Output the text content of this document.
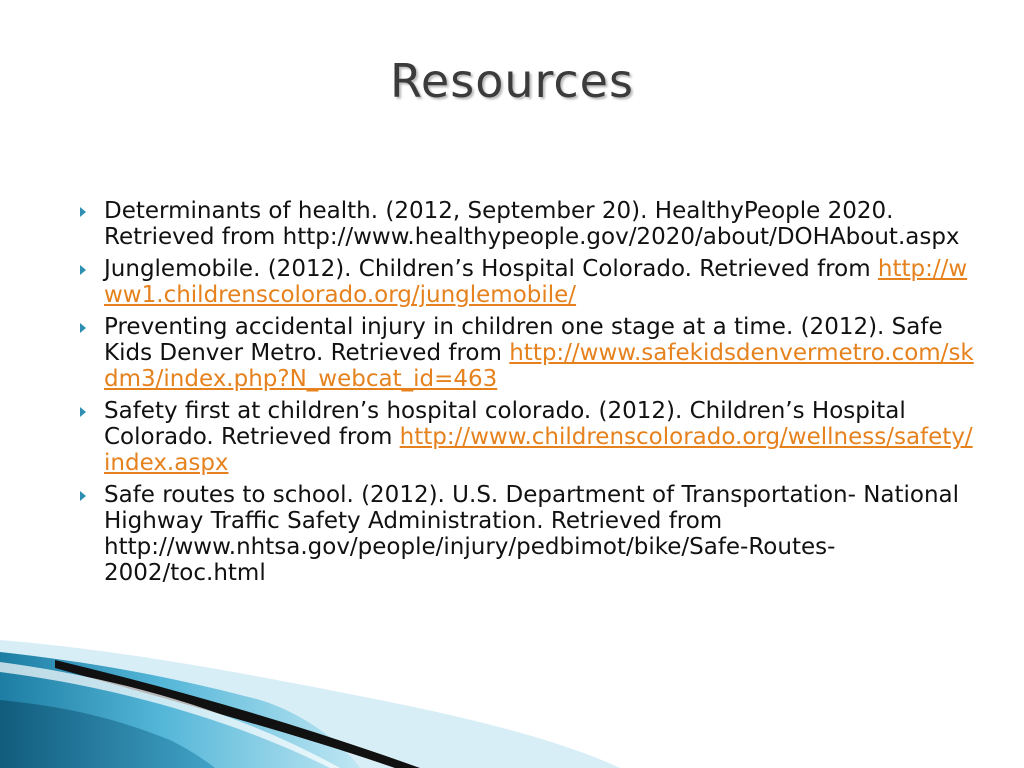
Resources
Determinants of health. (2012, September 20). HealthyPeople 2020. Retrieved from http://www.healthypeople.gov/2020/about/DOHAbout.aspx
Junglemobile. (2012). Children’s Hospital Colorado. Retrieved from http://www1.childrenscolorado.org/junglemobile/
Preventing accidental injury in children one stage at a time. (2012). Safe Kids Denver Metro. Retrieved from http://www.safekidsdenvermetro.com/skdm3/index.php?N_webcat_id=463
Safety first at children’s hospital colorado. (2012). Children’s Hospital Colorado. Retrieved from http://www.childrenscolorado.org/wellness/safety/index.aspx
Safe routes to school. (2012). U.S. Department of Transportation- National Highway Traffic Safety Administration. Retrieved from http://www.nhtsa.gov/people/injury/pedbimot/bike/Safe-Routes-2002/toc.html
